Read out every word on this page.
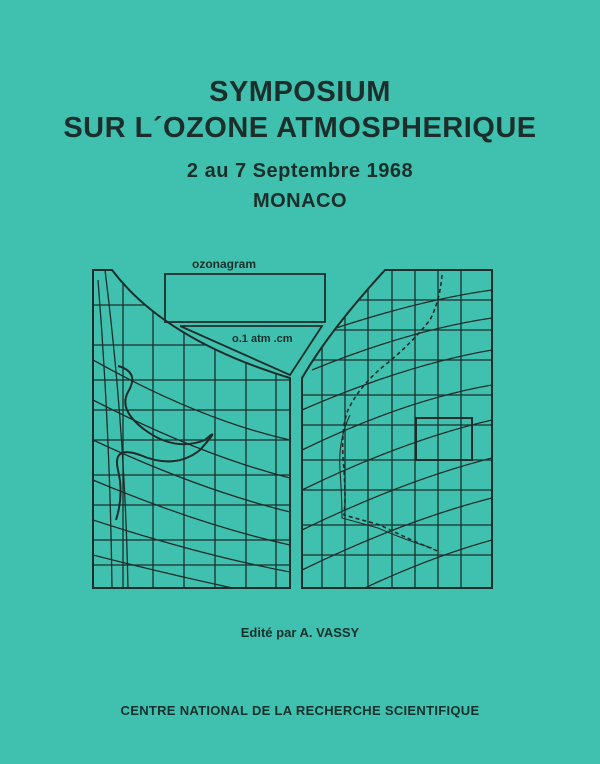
SYMPOSIUM
SUR L´OZONE ATMOSPHERIQUE
2 au 7 Septembre 1968
MONACO
ozonagram
o.1 atm .cm
Edité par A. VASSY
CENTRE NATIONAL DE LA RECHERCHE SCIENTIFIQUE
